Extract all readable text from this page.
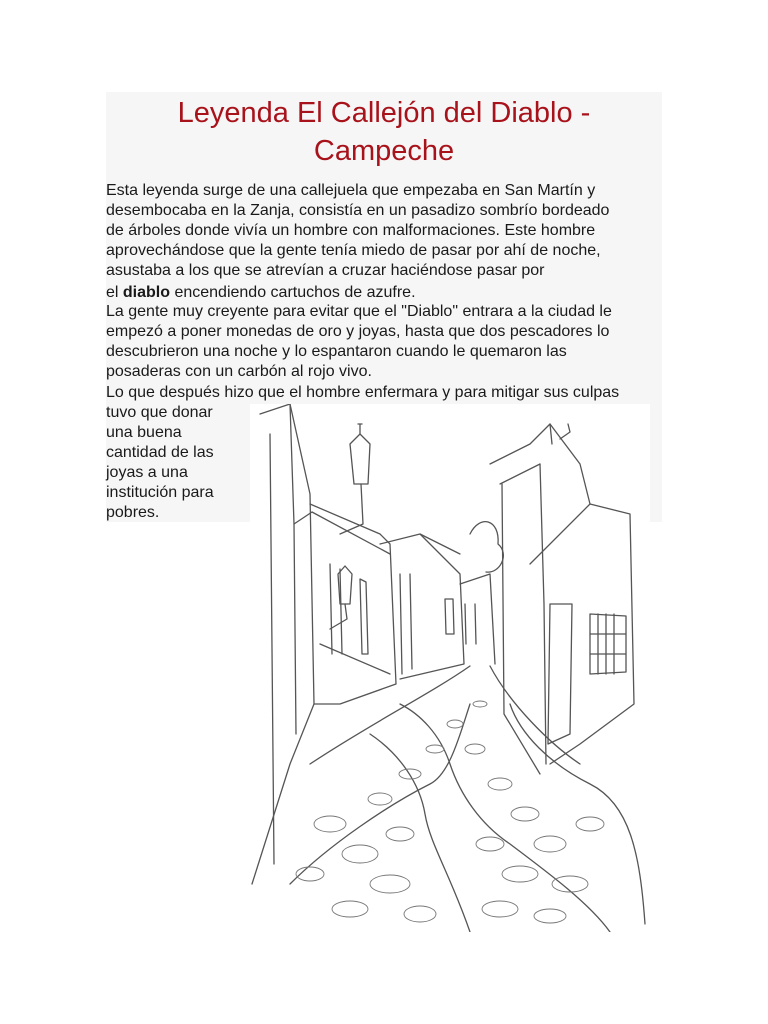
Leyenda El Callejón del Diablo -
Campeche
Esta leyenda surge de una callejuela que empezaba en San Martín y
desembocaba en la Zanja, consistía en un pasadizo sombrío bordeado
de árboles donde vivía un hombre con malformaciones. Este hombre
aprovechándose que la gente tenía miedo de pasar por ahí de noche,
asustaba a los que se atrevían a cruzar haciéndose pasar por
el diablo encendiendo cartuchos de azufre.
La gente muy creyente para evitar que el "Diablo" entrara a la ciudad le
empezó a poner monedas de oro y joyas, hasta que dos pescadores lo
descubrieron una noche y lo espantaron cuando le quemaron las
posaderas con un carbón al rojo vivo.
Lo que después hizo que el hombre enfermara y para mitigar sus culpas
tuvo que donar
una buena
cantidad de las
joyas a una
institución para
pobres.
